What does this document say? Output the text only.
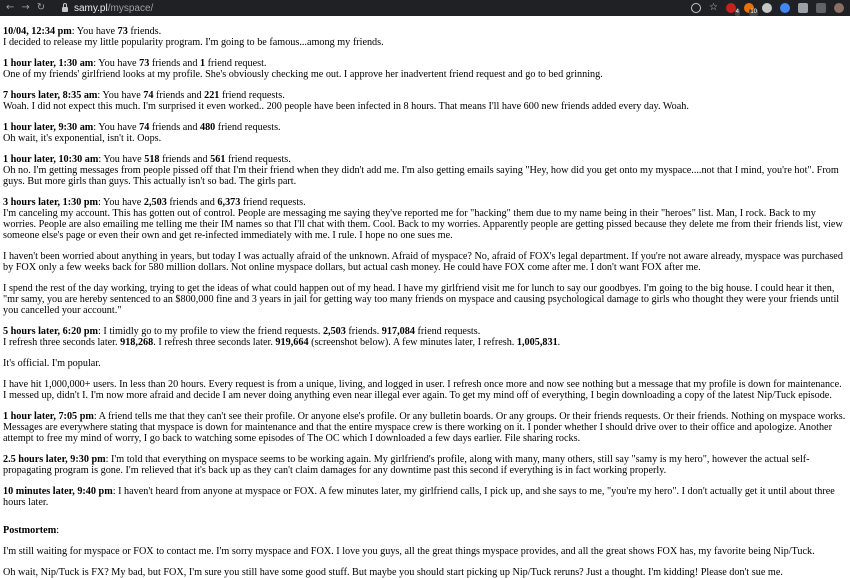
← → ↻	samy.pl /myspace/	☆	4 10
10/04, 12:34 pm: You have 73 friends.
I decided to release my little popularity program. I'm going to be famous...among my friends.
1 hour later, 1:30 am: You have 73 friends and 1 friend request.
One of my friends' girlfriend looks at my profile. She's obviously checking me out. I approve her inadvertent friend request and go to bed grinning.
7 hours later, 8:35 am: You have 74 friends and 221 friend requests.
Woah. I did not expect this much. I'm surprised it even worked.. 200 people have been infected in 8 hours. That means I'll have 600 new friends added every day. Woah.
1 hour later, 9:30 am: You have 74 friends and 480 friend requests.
Oh wait, it's exponential, isn't it. Oops.
1 hour later, 10:30 am: You have 518 friends and 561 friend requests.
Oh no. I'm getting messages from people pissed off that I'm their friend when they didn't add me. I'm also getting emails saying "Hey, how did you get onto my myspace....not that I mind, you're hot". From guys. But more girls than guys. This actually isn't so bad. The girls part.
3 hours later, 1:30 pm: You have 2,503 friends and 6,373 friend requests.
I'm canceling my account. This has gotten out of control. People are messaging me saying they've reported me for "hacking" them due to my name being in their "heroes" list. Man, I rock. Back to my worries. People are also emailing me telling me their IM names so that I'll chat with them. Cool. Back to my worries. Apparently people are getting pissed because they delete me from their friends list, view someone else's page or even their own and get re-infected immediately with me. I rule. I hope no one sues me.
I haven't been worried about anything in years, but today I was actually afraid of the unknown. Afraid of myspace? No, afraid of FOX's legal department. If you're not aware already, myspace was purchased by FOX only a few weeks back for 580 million dollars. Not online myspace dollars, but actual cash money. He could have FOX come after me. I don't want FOX after me.
I spend the rest of the day working, trying to get the ideas of what could happen out of my head. I have my girlfriend visit me for lunch to say our goodbyes. I'm going to the big house. I could hear it then, "mr samy, you are hereby sentenced to an $800,000 fine and 3 years in jail for getting way too many friends on myspace and causing psychological damage to girls who thought they were your friends until you cancelled your account."
5 hours later, 6:20 pm: I timidly go to my profile to view the friend requests. 2,503 friends. 917,084 friend requests.
I refresh three seconds later. 918,268. I refresh three seconds later. 919,664 (screenshot below). A few minutes later, I refresh. 1,005,831.
It's official. I'm popular.
I have hit 1,000,000+ users. In less than 20 hours. Every request is from a unique, living, and logged in user. I refresh once more and now see nothing but a message that my profile is down for maintenance. I messed up, didn't I. I'm now more afraid and decide I am never doing anything even near illegal ever again. To get my mind off of everything, I begin downloading a copy of the latest Nip/Tuck episode.
1 hour later, 7:05 pm: A friend tells me that they can't see their profile. Or anyone else's profile. Or any bulletin boards. Or any groups. Or their friends requests. Or their friends. Nothing on myspace works. Messages are everywhere stating that myspace is down for maintenance and that the entire myspace crew is there working on it. I ponder whether I should drive over to their office and apologize. Another attempt to free my mind of worry, I go back to watching some episodes of The OC which I downloaded a few days earlier. File sharing rocks.
2.5 hours later, 9:30 pm: I'm told that everything on myspace seems to be working again. My girlfriend's profile, along with many, many others, still say "samy is my hero", however the actual self-propagating program is gone. I'm relieved that it's back up as they can't claim damages for any downtime past this second if everything is in fact working properly.
10 minutes later, 9:40 pm: I haven't heard from anyone at myspace or FOX. A few minutes later, my girlfriend calls, I pick up, and she says to me, "you're my hero". I don't actually get it until about three hours later.
Postmortem:
I'm still waiting for myspace or FOX to contact me. I'm sorry myspace and FOX. I love you guys, all the great things myspace provides, and all the great shows FOX has, my favorite being Nip/Tuck.
Oh wait, Nip/Tuck is FX? My bad, but FOX, I'm sure you still have some good stuff. But maybe you should start picking up Nip/Tuck reruns? Just a thought. I'm kidding! Please don't sue me.
